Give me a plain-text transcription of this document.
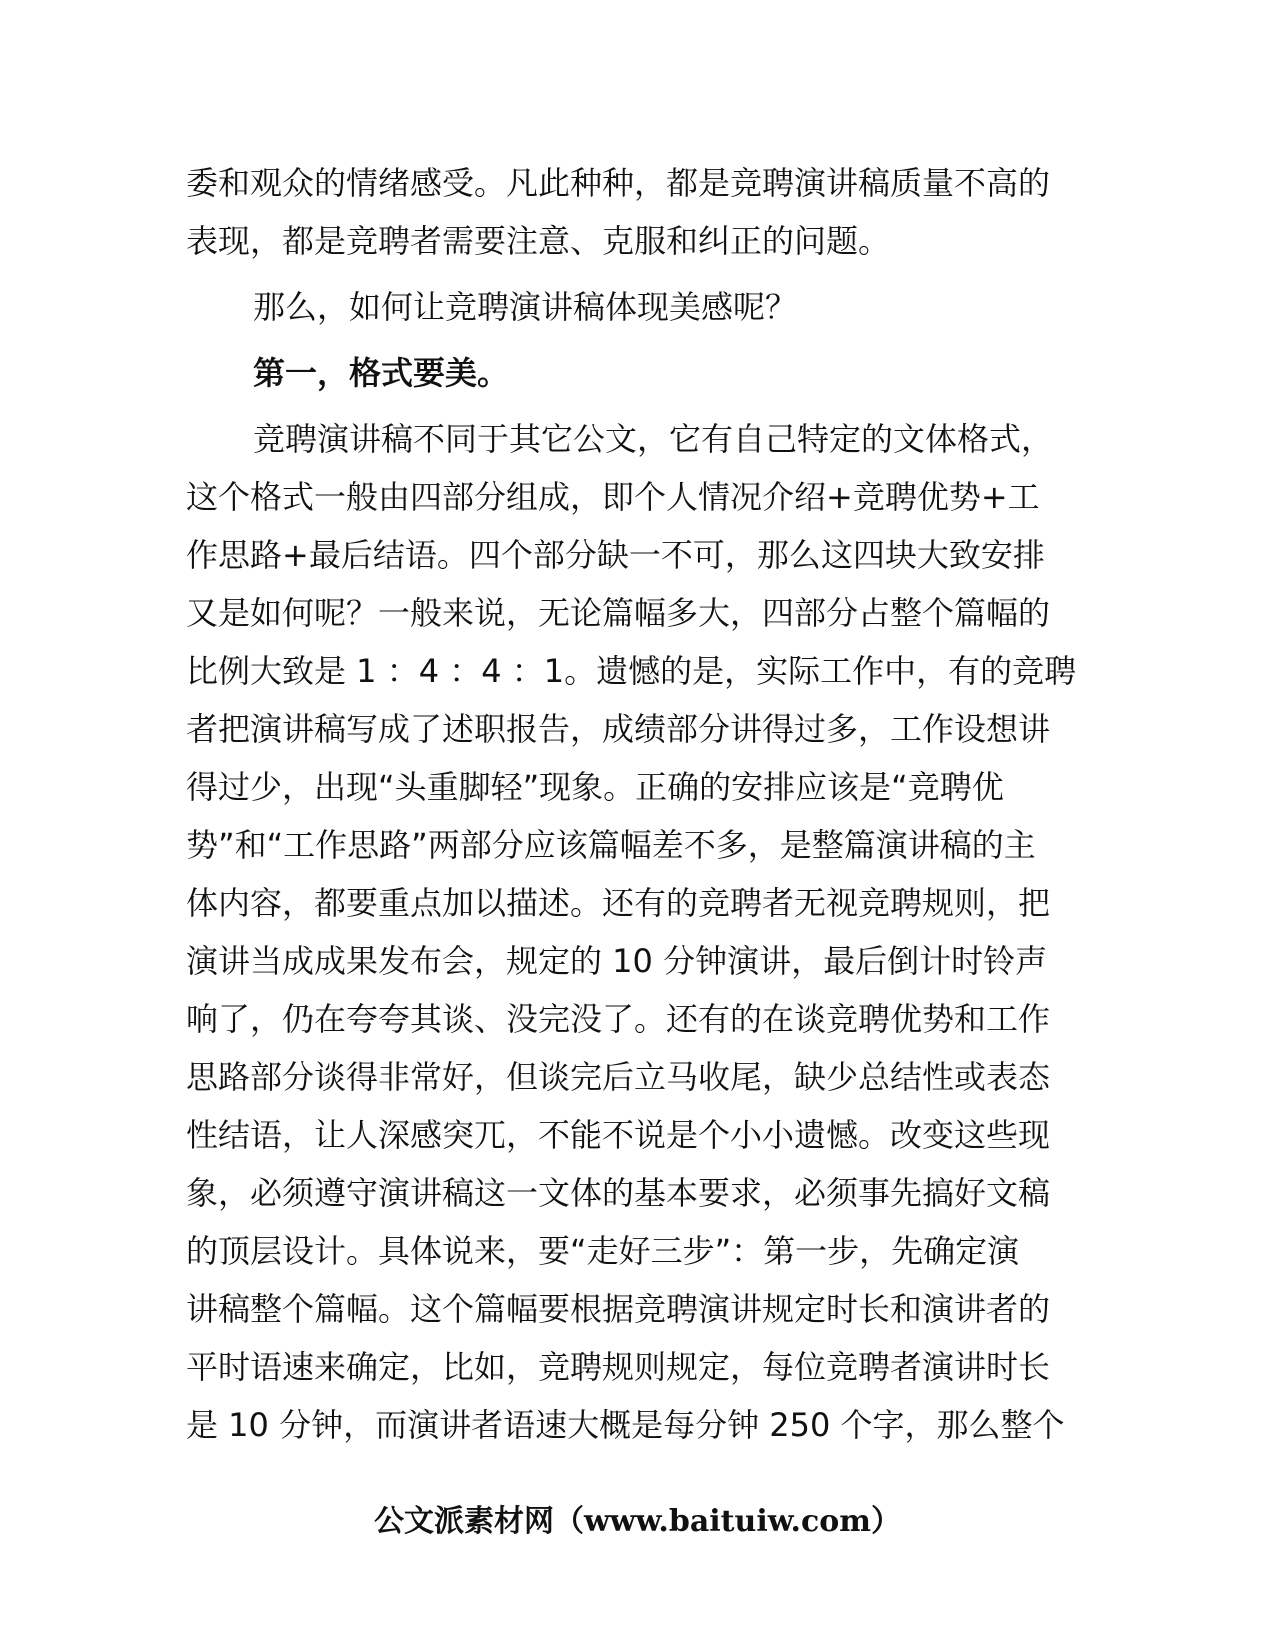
委和观众的情绪感受。凡此种种，都是竞聘演讲稿质量不高的
表现，都是竞聘者需要注意、克服和纠正的问题。
那么，如何让竞聘演讲稿体现美感呢？
第一，格式要美。
竞聘演讲稿不同于其它公文，它有自己特定的文体格式，
这个格式一般由四部分组成，即个人情况介绍+竞聘优势+工
作思路+最后结语。四个部分缺一不可，那么这四块大致安排
又是如何呢？一般来说，无论篇幅多大，四部分占整个篇幅的
比例大致是 1 ：4 ：4 ：1。遗憾的是，实际工作中，有的竞聘
者把演讲稿写成了述职报告，成绩部分讲得过多，工作设想讲
得过少，出现“头重脚轻”现象。正确的安排应该是“竞聘优
势”和“工作思路”两部分应该篇幅差不多，是整篇演讲稿的主
体内容，都要重点加以描述。还有的竞聘者无视竞聘规则，把
演讲当成成果发布会，规定的 10 分钟演讲，最后倒计时铃声
响了，仍在夸夸其谈、没完没了。还有的在谈竞聘优势和工作
思路部分谈得非常好，但谈完后立马收尾，缺少总结性或表态
性结语，让人深感突兀，不能不说是个小小遗憾。改变这些现
象，必须遵守演讲稿这一文体的基本要求，必须事先搞好文稿
的顶层设计。具体说来，要“走好三步”：第一步，先确定演
讲稿整个篇幅。这个篇幅要根据竞聘演讲规定时长和演讲者的
平时语速来确定，比如，竞聘规则规定，每位竞聘者演讲时长
是 10 分钟，而演讲者语速大概是每分钟 250 个字，那么整个
公文派素材网（www.baituiw.com）
